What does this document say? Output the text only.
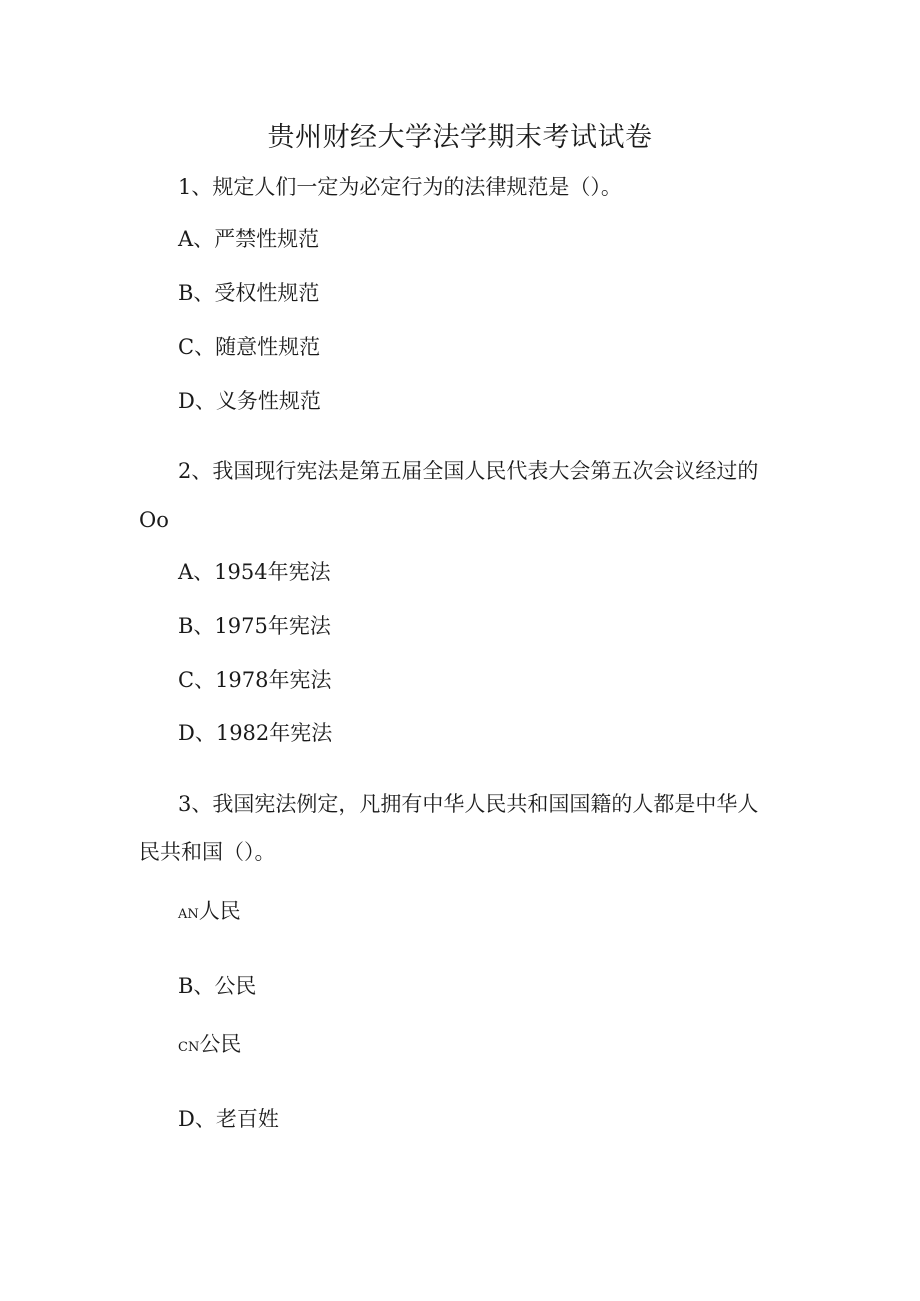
贵州财经大学法学期末考试试卷
1、规定人们一定为必定行为的法律规范是（）。
A、严禁性规范
B、受权性规范
C、随意性规范
D、义务性规范
2、我国现行宪法是第五届全国人民代表大会第五次会议经过的
Oo
A、1954年宪法
B、1975年宪法
C、1978年宪法
D、1982年宪法
3、我国宪法例定，凡拥有中华人民共和国国籍的人都是中华人
民共和国（）。
AN人民
B、公民
CN公民
D、老百姓
